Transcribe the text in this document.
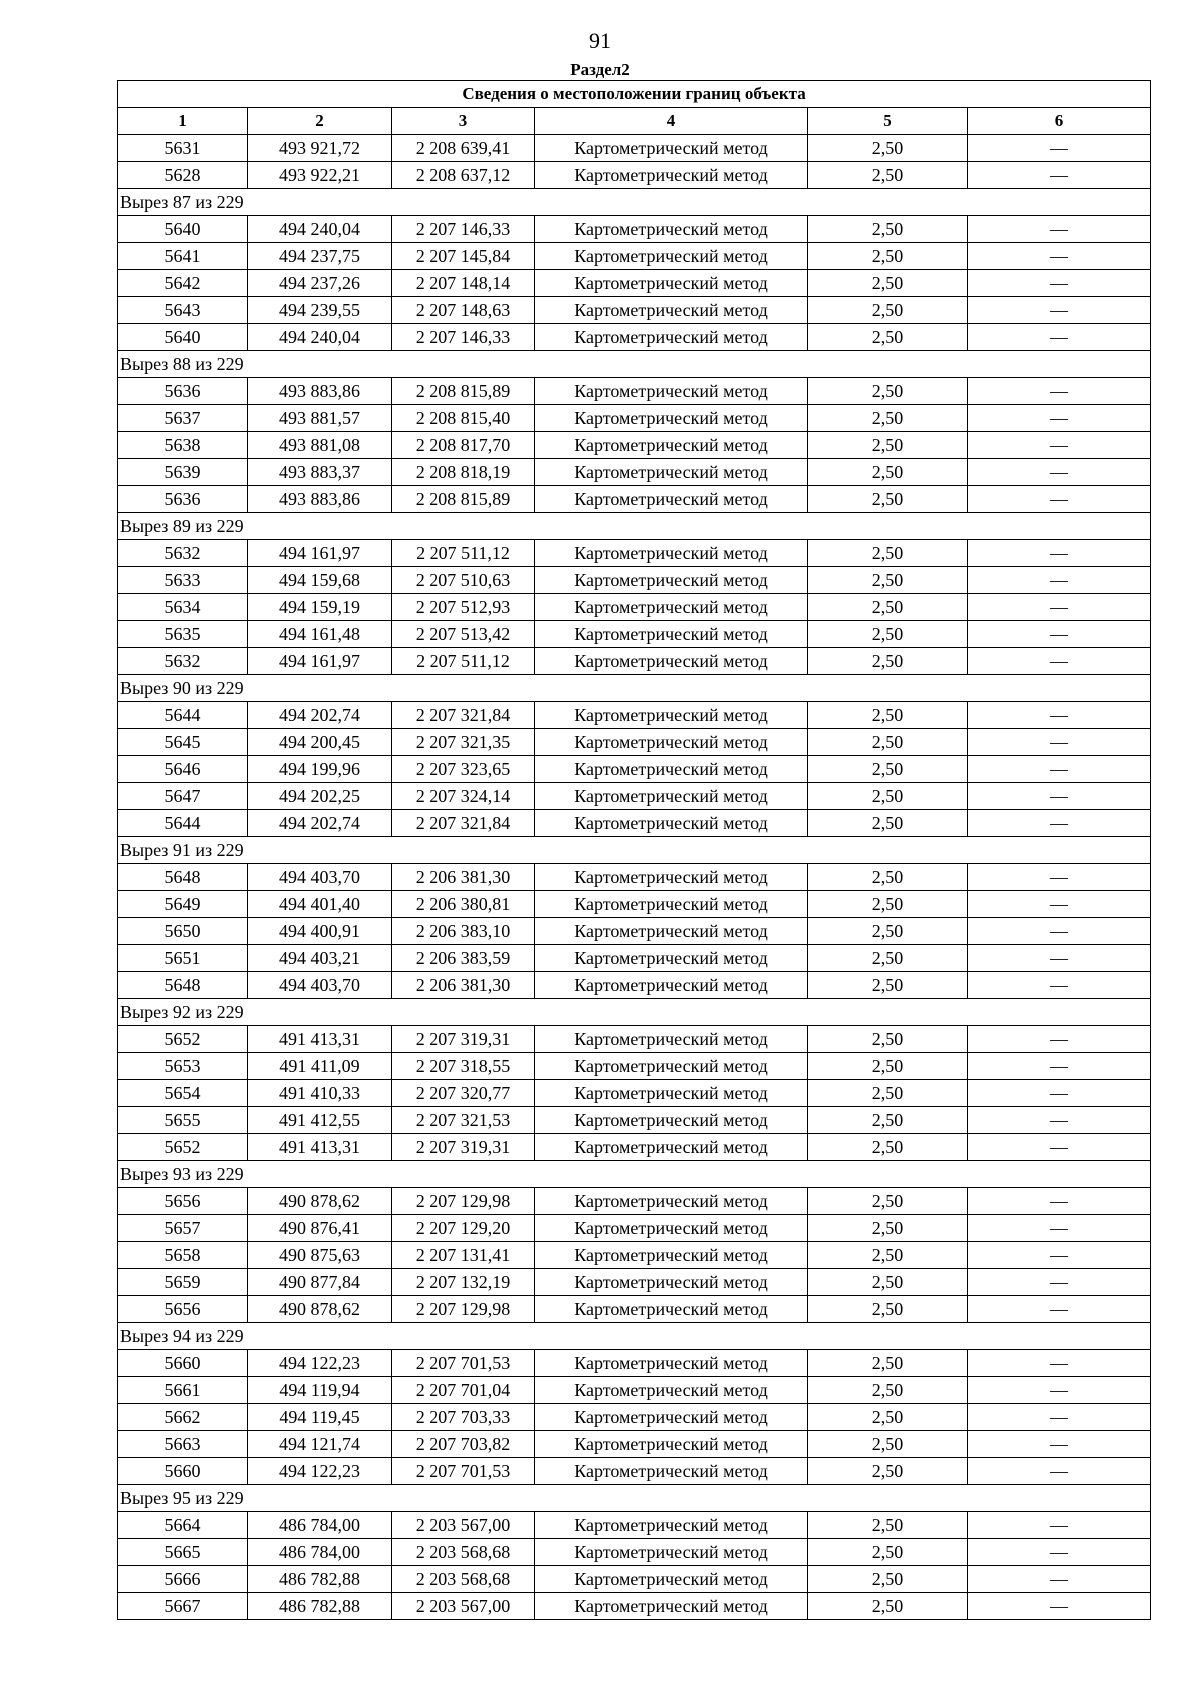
91
Раздел2
Сведения о местоположении границ объекта					
1	2	3	4	5	6
5631	493 921,72	2 208 639,41	Картометрический метод	2,50	—
5628	493 922,21	2 208 637,12	Картометрический метод	2,50	—
Вырез 87 из 229					
5640	494 240,04	2 207 146,33	Картометрический метод	2,50	—
5641	494 237,75	2 207 145,84	Картометрический метод	2,50	—
5642	494 237,26	2 207 148,14	Картометрический метод	2,50	—
5643	494 239,55	2 207 148,63	Картометрический метод	2,50	—
5640	494 240,04	2 207 146,33	Картометрический метод	2,50	—
Вырез 88 из 229					
5636	493 883,86	2 208 815,89	Картометрический метод	2,50	—
5637	493 881,57	2 208 815,40	Картометрический метод	2,50	—
5638	493 881,08	2 208 817,70	Картометрический метод	2,50	—
5639	493 883,37	2 208 818,19	Картометрический метод	2,50	—
5636	493 883,86	2 208 815,89	Картометрический метод	2,50	—
Вырез 89 из 229					
5632	494 161,97	2 207 511,12	Картометрический метод	2,50	—
5633	494 159,68	2 207 510,63	Картометрический метод	2,50	—
5634	494 159,19	2 207 512,93	Картометрический метод	2,50	—
5635	494 161,48	2 207 513,42	Картометрический метод	2,50	—
5632	494 161,97	2 207 511,12	Картометрический метод	2,50	—
Вырез 90 из 229					
5644	494 202,74	2 207 321,84	Картометрический метод	2,50	—
5645	494 200,45	2 207 321,35	Картометрический метод	2,50	—
5646	494 199,96	2 207 323,65	Картометрический метод	2,50	—
5647	494 202,25	2 207 324,14	Картометрический метод	2,50	—
5644	494 202,74	2 207 321,84	Картометрический метод	2,50	—
Вырез 91 из 229					
5648	494 403,70	2 206 381,30	Картометрический метод	2,50	—
5649	494 401,40	2 206 380,81	Картометрический метод	2,50	—
5650	494 400,91	2 206 383,10	Картометрический метод	2,50	—
5651	494 403,21	2 206 383,59	Картометрический метод	2,50	—
5648	494 403,70	2 206 381,30	Картометрический метод	2,50	—
Вырез 92 из 229					
5652	491 413,31	2 207 319,31	Картометрический метод	2,50	—
5653	491 411,09	2 207 318,55	Картометрический метод	2,50	—
5654	491 410,33	2 207 320,77	Картометрический метод	2,50	—
5655	491 412,55	2 207 321,53	Картометрический метод	2,50	—
5652	491 413,31	2 207 319,31	Картометрический метод	2,50	—
Вырез 93 из 229					
5656	490 878,62	2 207 129,98	Картометрический метод	2,50	—
5657	490 876,41	2 207 129,20	Картометрический метод	2,50	—
5658	490 875,63	2 207 131,41	Картометрический метод	2,50	—
5659	490 877,84	2 207 132,19	Картометрический метод	2,50	—
5656	490 878,62	2 207 129,98	Картометрический метод	2,50	—
Вырез 94 из 229					
5660	494 122,23	2 207 701,53	Картометрический метод	2,50	—
5661	494 119,94	2 207 701,04	Картометрический метод	2,50	—
5662	494 119,45	2 207 703,33	Картометрический метод	2,50	—
5663	494 121,74	2 207 703,82	Картометрический метод	2,50	—
5660	494 122,23	2 207 701,53	Картометрический метод	2,50	—
Вырез 95 из 229					
5664	486 784,00	2 203 567,00	Картометрический метод	2,50	—
5665	486 784,00	2 203 568,68	Картометрический метод	2,50	—
5666	486 782,88	2 203 568,68	Картометрический метод	2,50	—
5667	486 782,88	2 203 567,00	Картометрический метод	2,50	—
